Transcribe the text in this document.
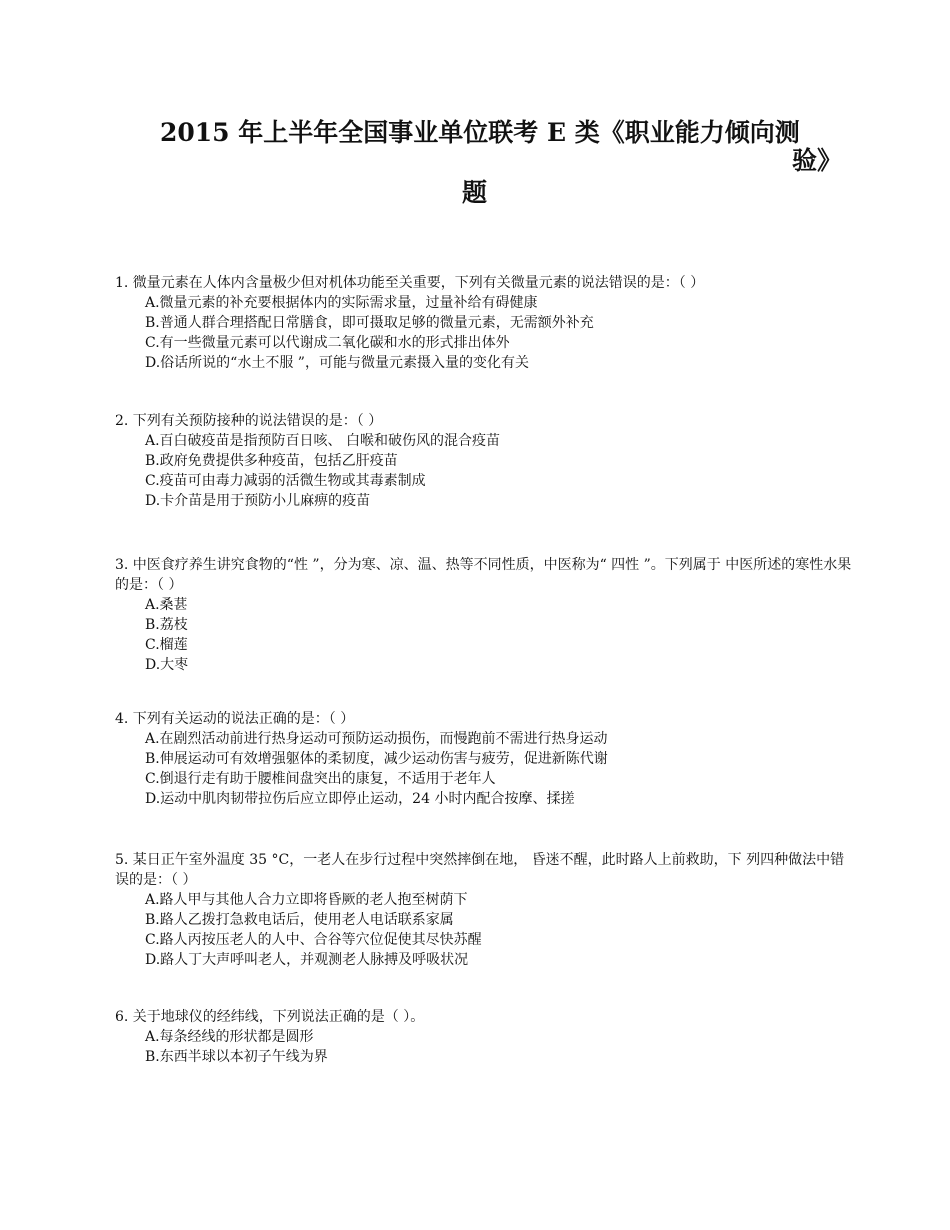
2015 年上半年全国事业单位联考 E 类《职业能力倾向测
验》
题

1. 微量元素在人体内含量极少但对机体功能至关重要，下列有关微量元素的说法错误的是：（ ）

A.微量元素的补充要根据体内的实际需求量，过量补给有碍健康

B.普通人群合理搭配日常膳食，即可摄取足够的微量元素，无需额外补充

C.有一些微量元素可以代谢成二氧化碳和水的形式排出体外

D.俗话所说的“水土不服 ”，可能与微量元素摄入量的变化有关

2. 下列有关预防接种的说法错误的是：（ ）

A.百白破疫苗是指预防百日咳、 白喉和破伤风的混合疫苗

B.政府免费提供多种疫苗，包括乙肝疫苗

C.疫苗可由毒力减弱的活微生物或其毒素制成

D.卡介苗是用于预防小儿麻痹的疫苗

3. 中医食疗养生讲究食物的“性 ”，分为寒、凉、温、热等不同性质，中医称为“ 四性 ”。下列属于 中医所述的寒性水果的是：（ ）

A.桑葚

B.荔枝

C.榴莲

D.大枣

4. 下列有关运动的说法正确的是：（ ）

A.在剧烈活动前进行热身运动可预防运动损伤，而慢跑前不需进行热身运动

B.伸展运动可有效增强躯体的柔韧度，减少运动伤害与疲劳，促进新陈代谢

C.倒退行走有助于腰椎间盘突出的康复，不适用于老年人

D.运动中肌肉韧带拉伤后应立即停止运动，24 小时内配合按摩、揉搓

5. 某日正午室外温度 35 °C，一老人在步行过程中突然摔倒在地， 昏迷不醒，此时路人上前救助，下 列四种做法中错误的是：（ ）

A.路人甲与其他人合力立即将昏厥的老人抱至树荫下

B.路人乙拨打急救电话后，使用老人电话联系家属

C.路人丙按压老人的人中、合谷等穴位促使其尽快苏醒

D.路人丁大声呼叫老人，并观测老人脉搏及呼吸状况

6. 关于地球仪的经纬线，下列说法正确的是（ ）。

A.每条经线的形状都是圆形

B.东西半球以本初子午线为界
